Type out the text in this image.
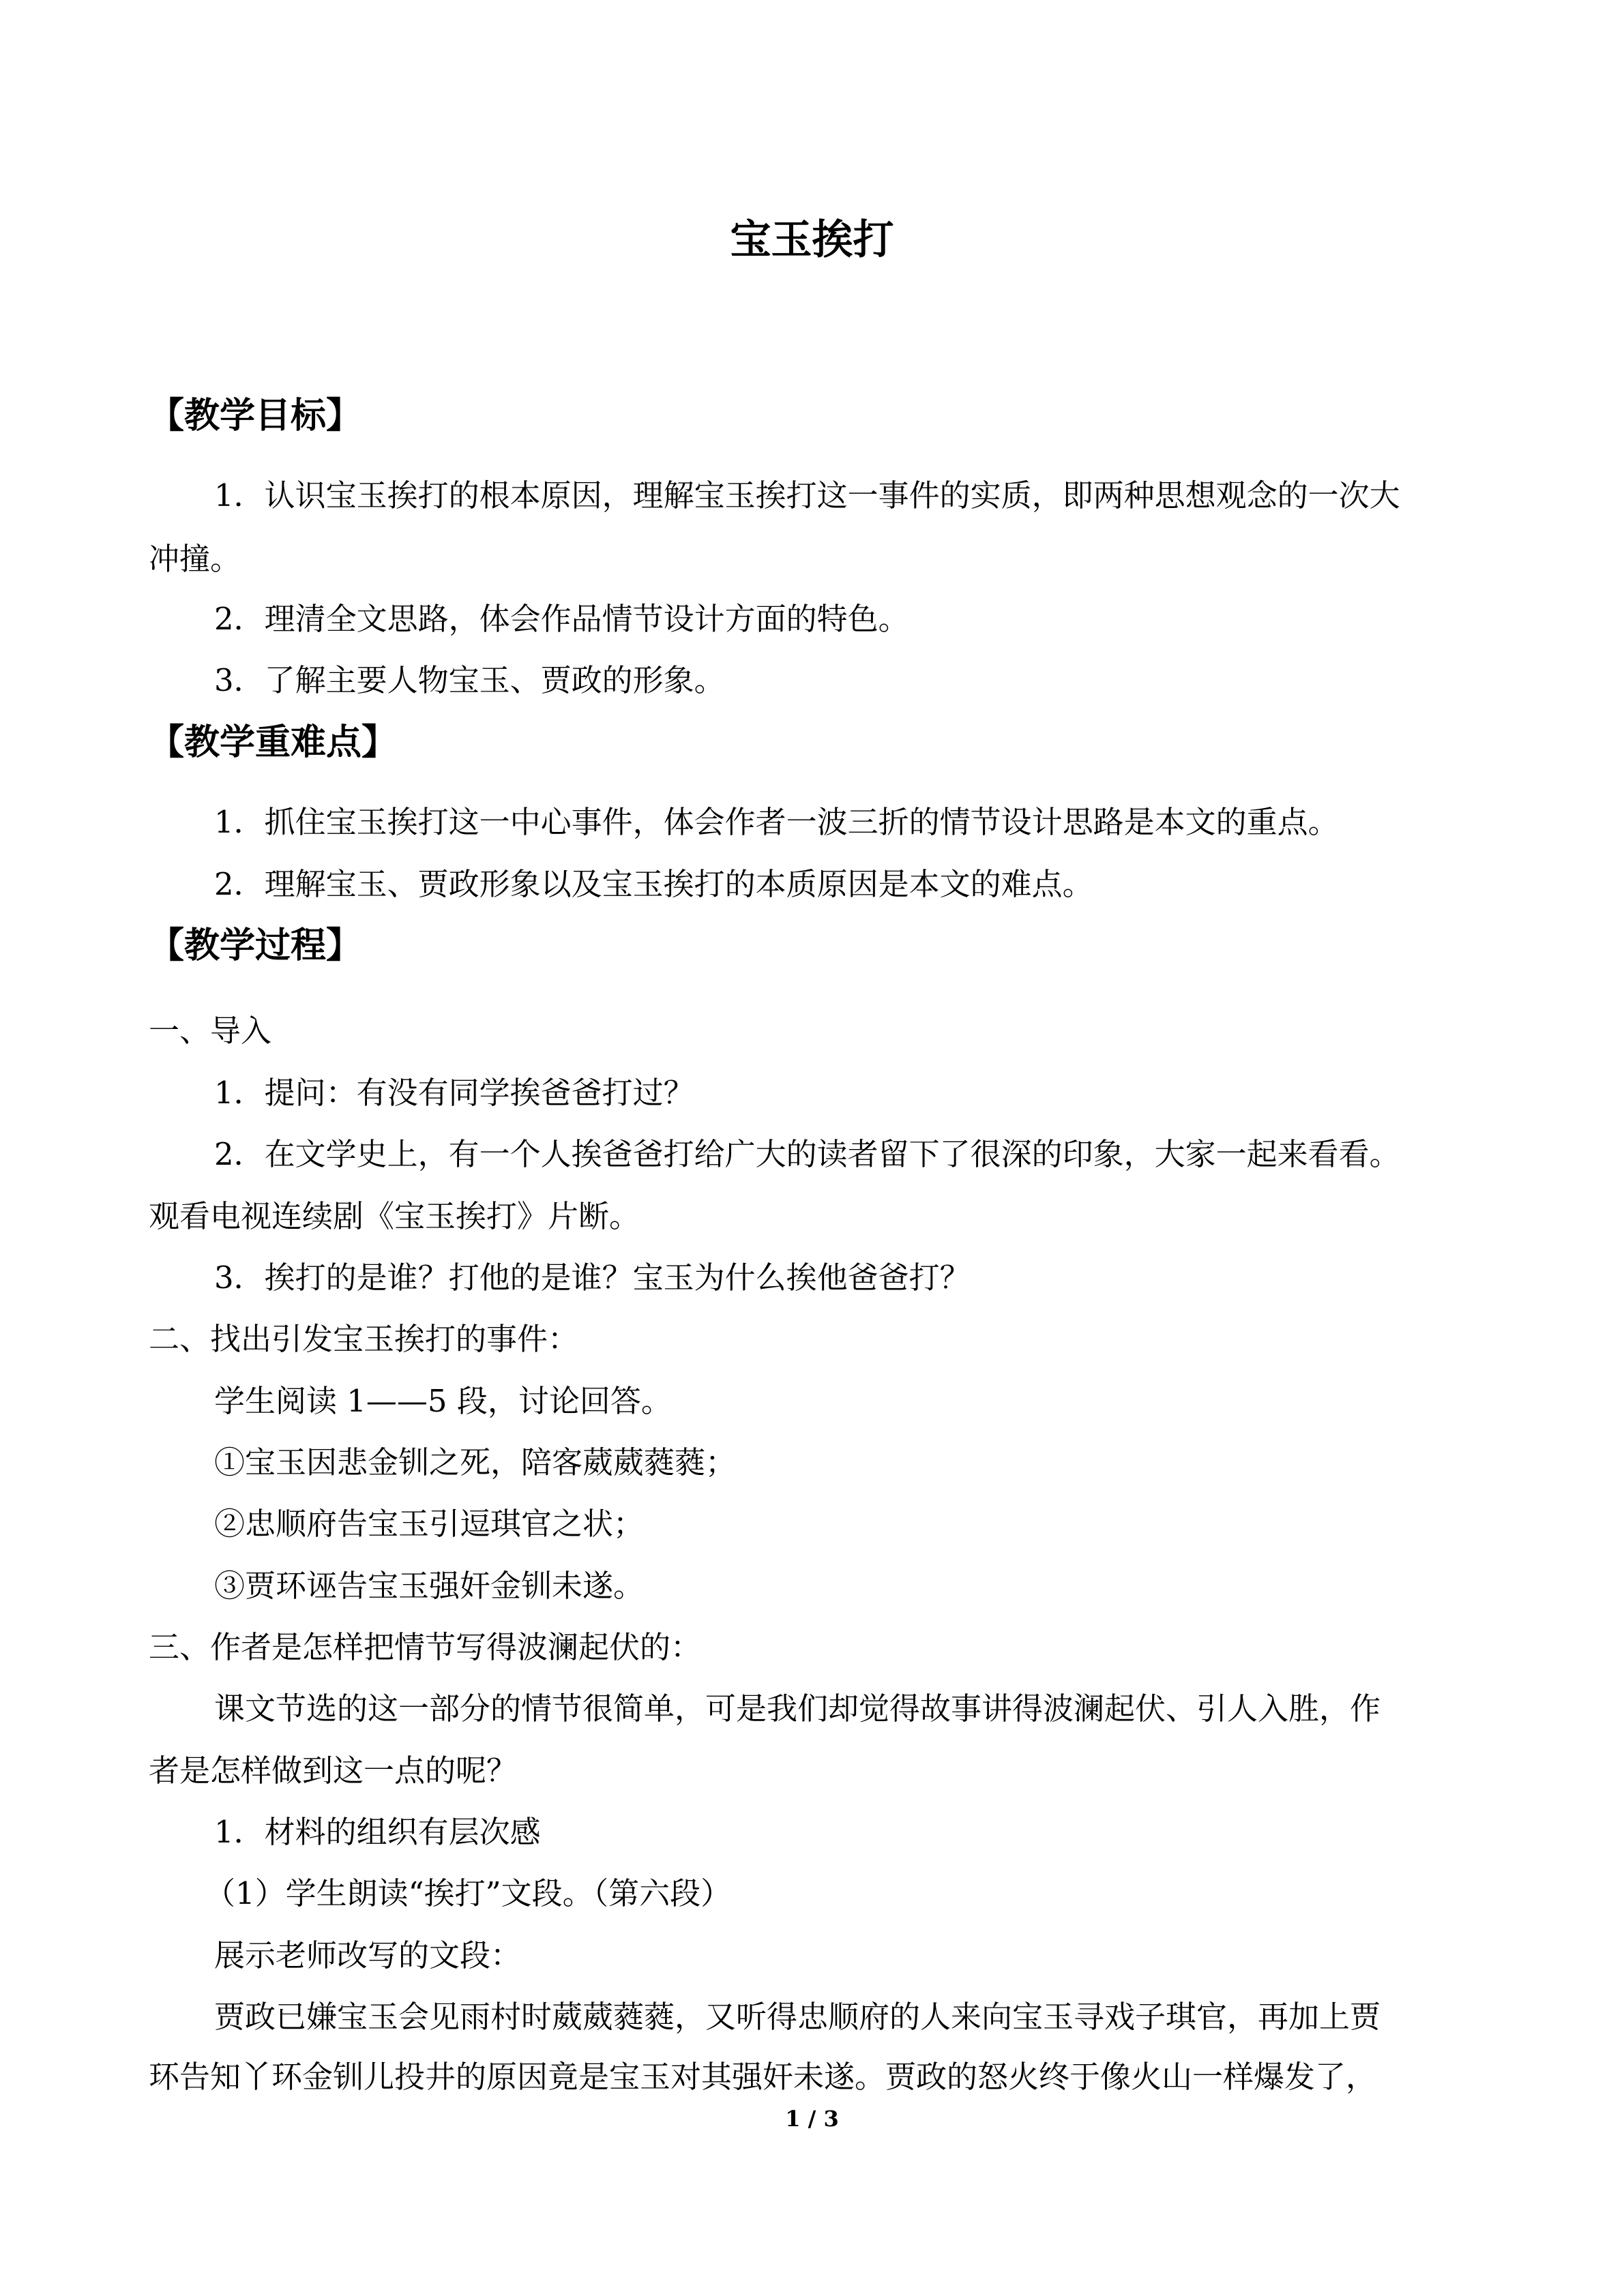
宝玉挨打
【教学目标】

1．认识宝玉挨打的根本原因，理解宝玉挨打这一事件的实质，即两种思想观念的一次大

冲撞。

2．理清全文思路，体会作品情节设计方面的特色。

3．了解主要人物宝玉、贾政的形象。

【教学重难点】

1．抓住宝玉挨打这一中心事件，体会作者一波三折的情节设计思路是本文的重点。

2．理解宝玉、贾政形象以及宝玉挨打的本质原因是本文的难点。

【教学过程】

一、导入

1．提问：有没有同学挨爸爸打过？

2．在文学史上，有一个人挨爸爸打给广大的读者留下了很深的印象，大家一起来看看。

观看电视连续剧《宝玉挨打》片断。

3．挨打的是谁？打他的是谁？宝玉为什么挨他爸爸打？

二、找出引发宝玉挨打的事件：

学生阅读 1——5 段，讨论回答。

①宝玉因悲金钏之死，陪客葳葳蕤蕤；

②忠顺府告宝玉引逗琪官之状；

③贾环诬告宝玉强奸金钏未遂。

三、作者是怎样把情节写得波澜起伏的：

课文节选的这一部分的情节很简单，可是我们却觉得故事讲得波澜起伏、引人入胜，作

者是怎样做到这一点的呢？

1．材料的组织有层次感

（1）学生朗读“挨打”文段。（第六段）

展示老师改写的文段：

贾政已嫌宝玉会见雨村时葳葳蕤蕤，又听得忠顺府的人来向宝玉寻戏子琪官，再加上贾

环告知丫环金钏儿投井的原因竟是宝玉对其强奸未遂。贾政的怒火终于像火山一样爆发了，

1 / 3
